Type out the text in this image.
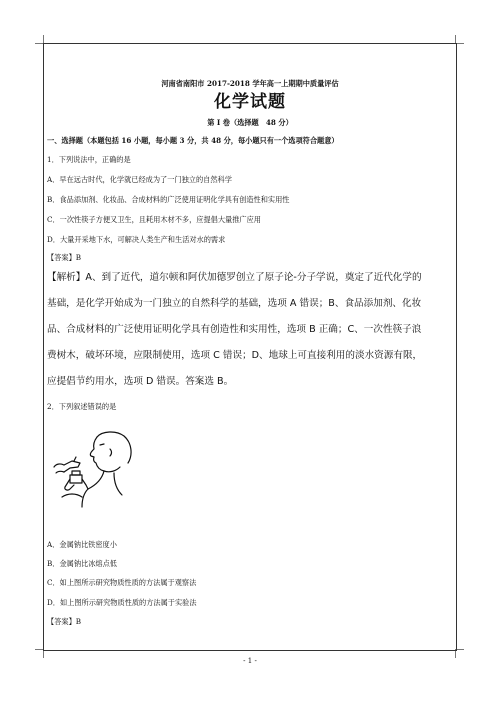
河南省南阳市 2017-2018 学年高一上期期中质量评估
化学试题
第 I 卷（选择题　48 分）
一、选择题（本题包括 16 小题，每小题 3 分，共 48 分，每小题只有一个选项符合题意）
1．下列说法中，正确的是
A．早在远古时代，化学就已经成为了一门独立的自然科学
B．食品添加剂、化妆品、合成材料的广泛使用证明化学具有创造性和实用性
C．一次性筷子方便又卫生，且耗用木材不多，应提倡大量推广应用
D．大量开采地下水，可解决人类生产和生活对水的需求
【答案】B
【解析】A、到了近代，道尔顿和阿伏加德罗创立了原子论-分子学说，奠定了近代化学的
基础，是化学开始成为一门独立的自然科学的基础，选项 A 错误；B、食品添加剂、化妆
品、合成材料的广泛使用证明化学具有创造性和实用性，选项 B 正确；C、一次性筷子浪
费树木，破坏环境，应限制使用，选项 C 错误；D、地球上可直接利用的淡水资源有限，
应提倡节约用水，选项 D 错误。答案选 B。
2．下列叙述错误的是
A．金属钠比铁密度小
B．金属钠比冰熔点低
C．如上图所示研究物质性质的方法属于观察法
D．如上图所示研究物质性质的方法属于实验法
【答案】B
- 1 -
